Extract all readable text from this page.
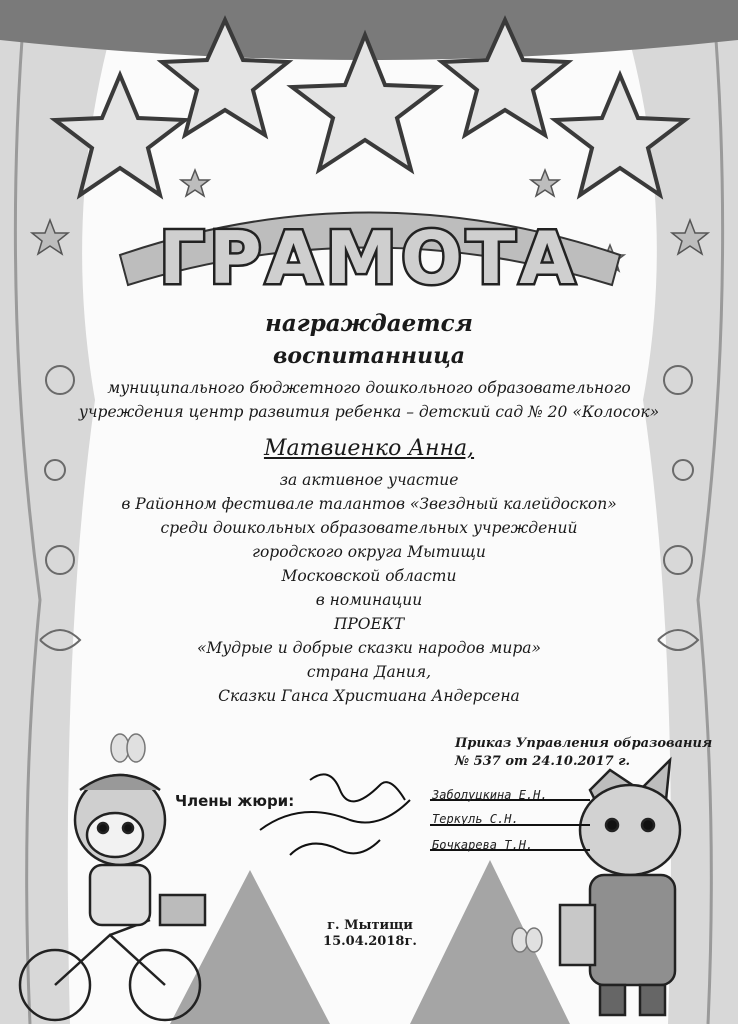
ГРАМОТА
награждается
воспитанница
муниципального бюджетного дошкольного образовательного
учреждения центр развития ребенка – детский сад № 20 «Колосок»
Матвиенко Анна,
за активное участие
в Районном фестивале талантов «Звездный калейдоскоп»
среди дошкольных образовательных учреждений
городского округа Мытищи
Московской области
в номинации
ПРОЕКТ
«Мудрые и добрые сказки народов мира»
страна Дания,
Сказки Ганса Христиана Андерсена
Приказ Управления образования
№ 537 от 24.10.2017 г.
Члены жюри:	Заболуцкина Е.Н.
Теркуль С.Н.
Бочкарева Т.Н.
г. Мытищи
15.04.2018г.
